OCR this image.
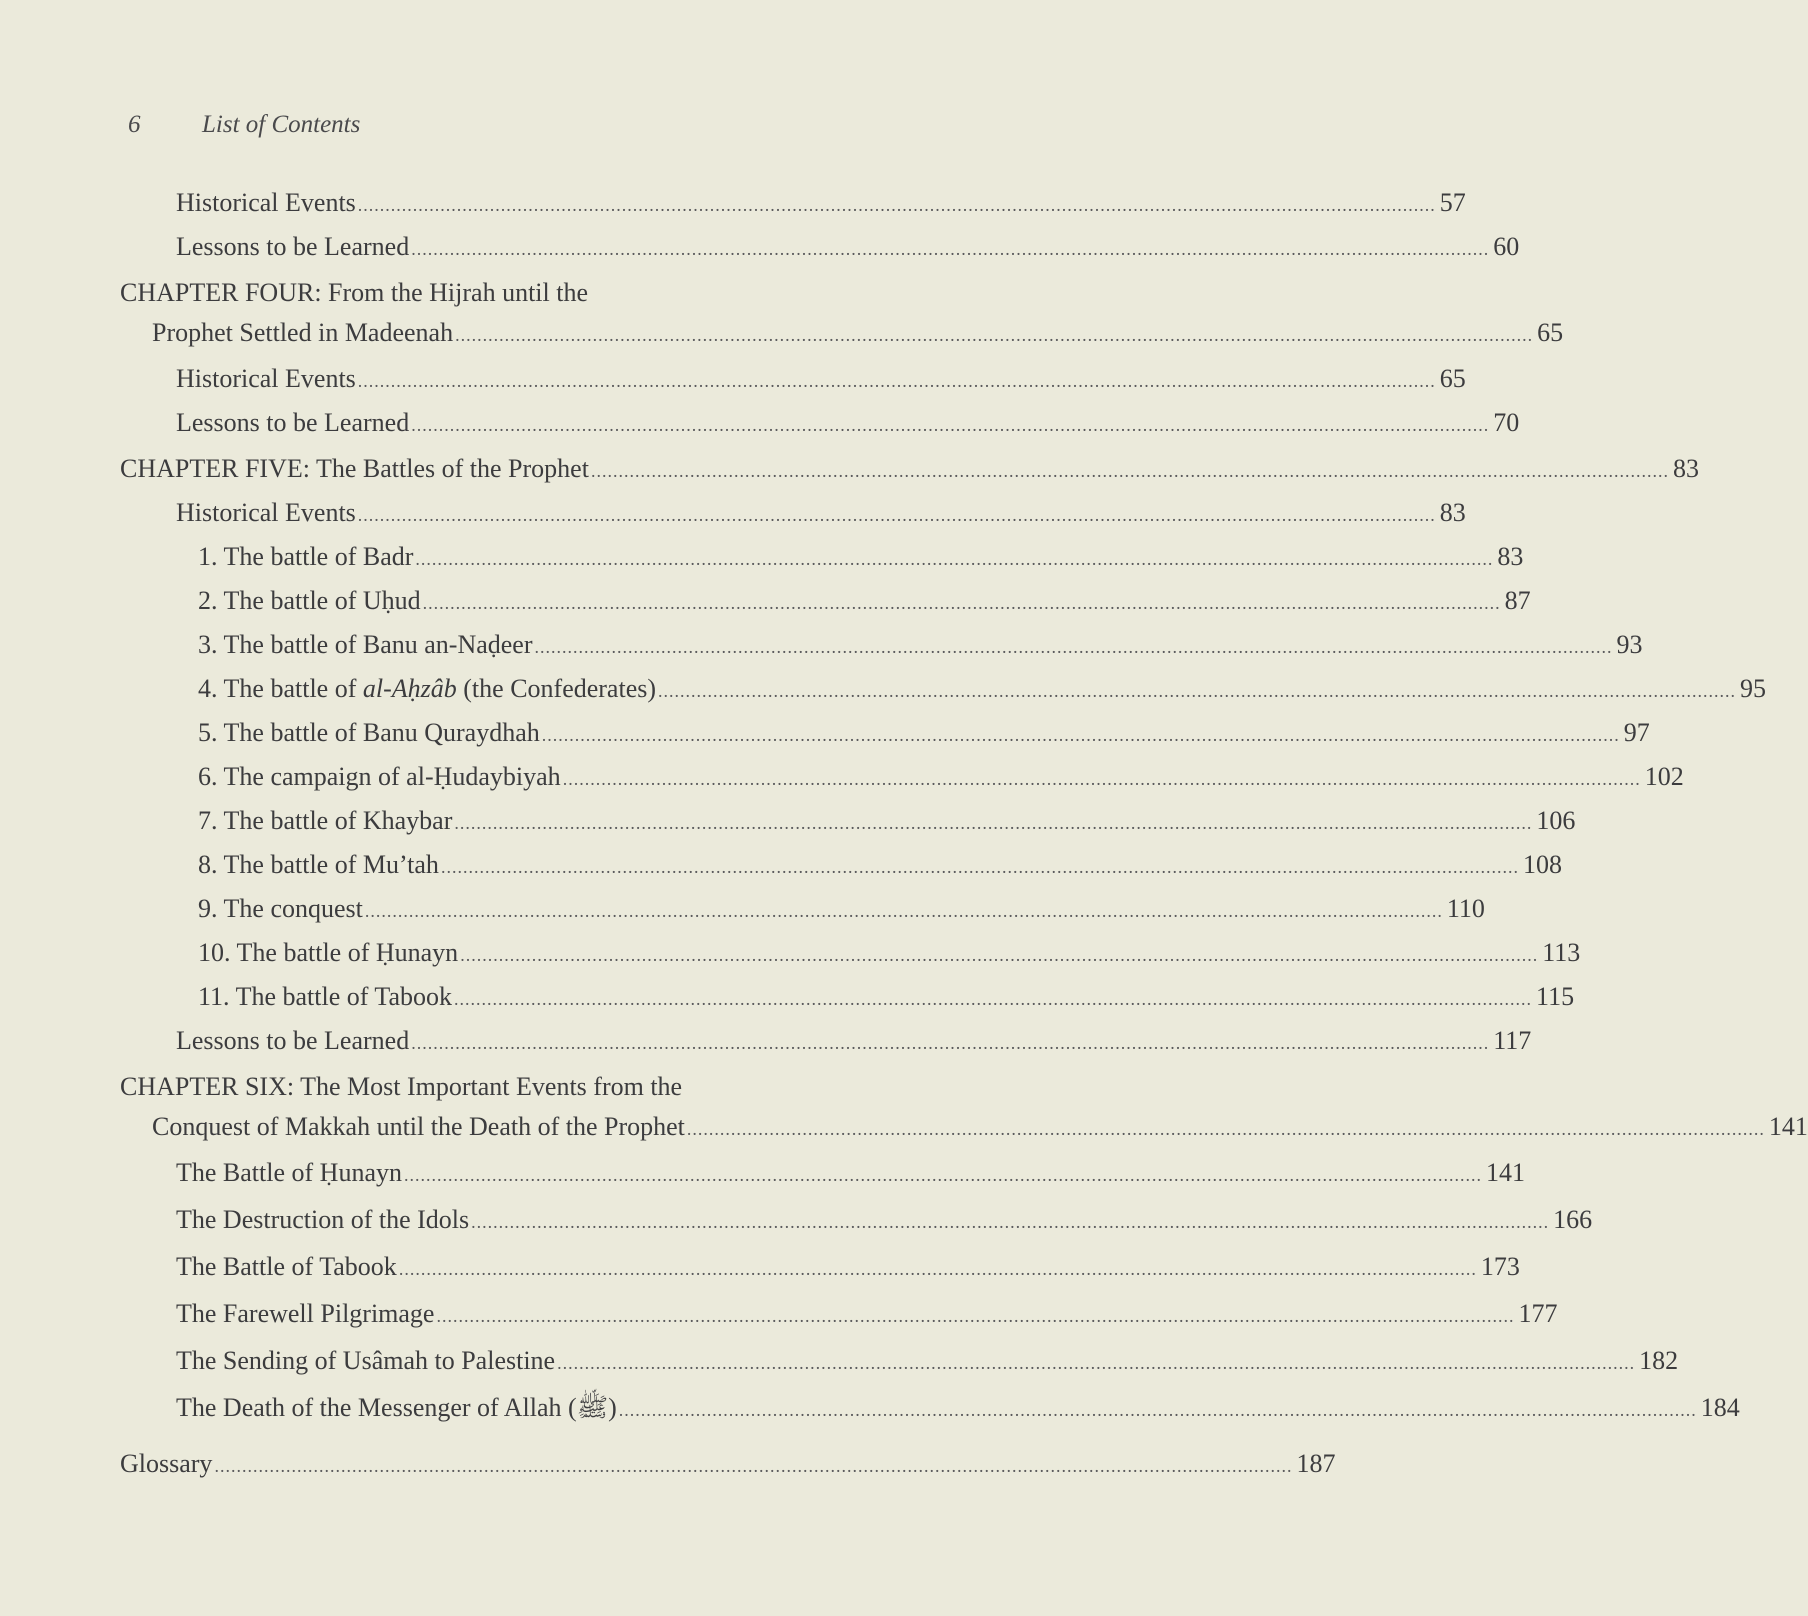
6 List of Contents
Historical Events .................................................................................................................................................................................................... 57
Lessons to be Learned .................................................................................................................................................................................................... 60
CHAPTER FOUR: From the Hijrah until the
Prophet Settled in Madeenah .................................................................................................................................................................................................... 65
Historical Events .................................................................................................................................................................................................... 65
Lessons to be Learned .................................................................................................................................................................................................... 70
CHAPTER FIVE: The Battles of the Prophet .................................................................................................................................................................................................... 83
Historical Events .................................................................................................................................................................................................... 83
1. The battle of Badr .................................................................................................................................................................................................... 83
2. The battle of Uḥud .................................................................................................................................................................................................... 87
3. The battle of Banu an-Naḍeer .................................................................................................................................................................................................... 93
4. The battle of al-Aḥzâb (the Confederates) .................................................................................................................................................................................................... 95
5. The battle of Banu Quraydhah .................................................................................................................................................................................................... 97
6. The campaign of al-Ḥudaybiyah .................................................................................................................................................................................................... 102
7. The battle of Khaybar .................................................................................................................................................................................................... 106
8. The battle of Mu’tah .................................................................................................................................................................................................... 108
9. The conquest .................................................................................................................................................................................................... 110
10. The battle of Ḥunayn .................................................................................................................................................................................................... 113
11. The battle of Tabook .................................................................................................................................................................................................... 115
Lessons to be Learned .................................................................................................................................................................................................... 117
CHAPTER SIX: The Most Important Events from the
Conquest of Makkah until the Death of the Prophet .................................................................................................................................................................................................... 141
The Battle of Ḥunayn .................................................................................................................................................................................................... 141
The Destruction of the Idols .................................................................................................................................................................................................... 166
The Battle of Tabook .................................................................................................................................................................................................... 173
The Farewell Pilgrimage .................................................................................................................................................................................................... 177
The Sending of Usâmah to Palestine .................................................................................................................................................................................................... 182
The Death of the Messenger of Allah (ﷺ) .................................................................................................................................................................................................... 184
Glossary .................................................................................................................................................................................................... 187
